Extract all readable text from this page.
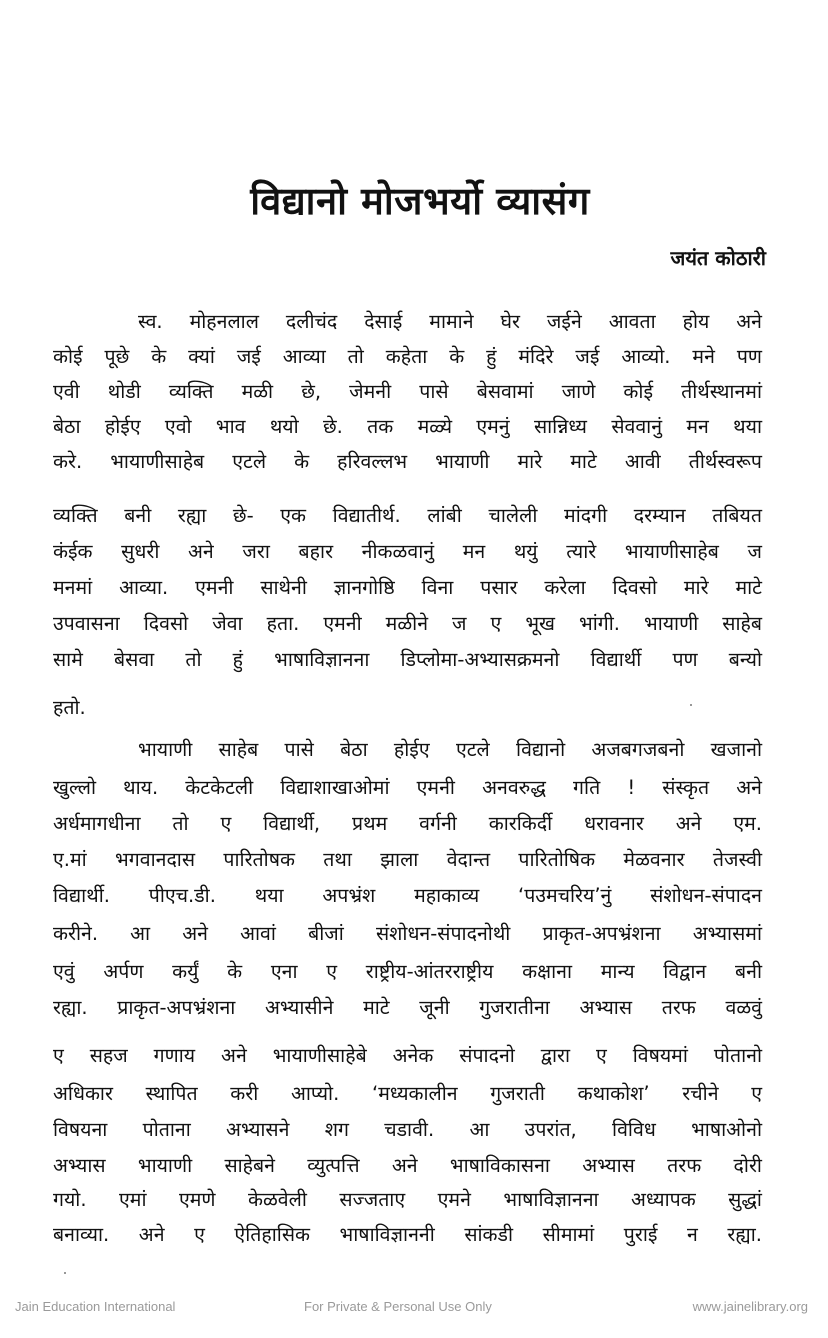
विद्यानो मोजभर्यो व्यासंग
जयंत कोठारी
स्व. मोहनलाल दलीचंद देसाई मामाने घेर जईने आवता होय अने
कोई पूछे के क्यां जई आव्या तो कहेता के हुं मंदिरे जई आव्यो. मने पण
एवी थोडी व्यक्ति मळी छे, जेमनी पासे बेसवामां जाणे कोई तीर्थस्थानमां
बेठा होईए एवो भाव थयो छे. तक मळ्ये एमनुं सान्निध्य सेववानुं मन थया
करे. भायाणीसाहेब एटले के हरिवल्लभ भायाणी मारे माटे आवी तीर्थस्वरूप
व्यक्ति बनी रह्या छे- एक विद्यातीर्थ. लांबी चालेली मांदगी दरम्यान तबियत
कंईक सुधरी अने जरा बहार नीकळवानुं मन थयुं त्यारे भायाणीसाहेब ज
मनमां आव्या. एमनी साथेनी ज्ञानगोष्ठि विना पसार करेला दिवसो मारे माटे
उपवासना दिवसो जेवा हता. एमनी मळीने ज ए भूख भांगी. भायाणी साहेब
सामे बेसवा तो हुं भाषाविज्ञानना डिप्लोमा-अभ्यासक्रमनो विद्यार्थी पण बन्यो
हतो.
भायाणी साहेब पासे बेठा होईए एटले विद्यानो अजबगजबनो खजानो
खुल्लो थाय. केटकेटली विद्याशाखाओमां एमनी अनवरुद्ध गति ! संस्कृत अने
अर्धमागधीना तो ए विद्यार्थी, प्रथम वर्गनी कारकिर्दी धरावनार अने एम.
ए.मां भगवानदास पारितोषक तथा झाला वेदान्त पारितोषिक मेळवनार तेजस्वी
विद्यार्थी. पीएच.डी. थया अपभ्रंश महाकाव्य ‘पउमचरिय’नुं संशोधन-संपादन
करीने. आ अने आवां बीजां संशोधन-संपादनोथी प्राकृत-अपभ्रंशना अभ्यासमां
एवुं अर्पण कर्युं के एना ए राष्ट्रीय-आंतरराष्ट्रीय कक्षाना मान्य विद्वान बनी
रह्या. प्राकृत-अपभ्रंशना अभ्यासीने माटे जूनी गुजरातीना अभ्यास तरफ वळवुं
ए सहज गणाय अने भायाणीसाहेबे अनेक संपादनो द्वारा ए विषयमां पोतानो
अधिकार स्थापित करी आप्यो. ‘मध्यकालीन गुजराती कथाकोश’ रचीने ए
विषयना पोताना अभ्यासने शग चडावी. आ उपरांत, विविध भाषाओनो
अभ्यास भायाणी साहेबने व्युत्पत्ति अने भाषाविकासना अभ्यास तरफ दोरी
गयो. एमां एमणे केळवेली सज्जताए एमने भाषाविज्ञानना अध्यापक सुद्धां
बनाव्या. अने ए ऐतिहासिक भाषाविज्ञाननी सांकडी सीमामां पुराई न रह्या.
Jain Education International	For Private & Personal Use Only	www.jainelibrary.org
